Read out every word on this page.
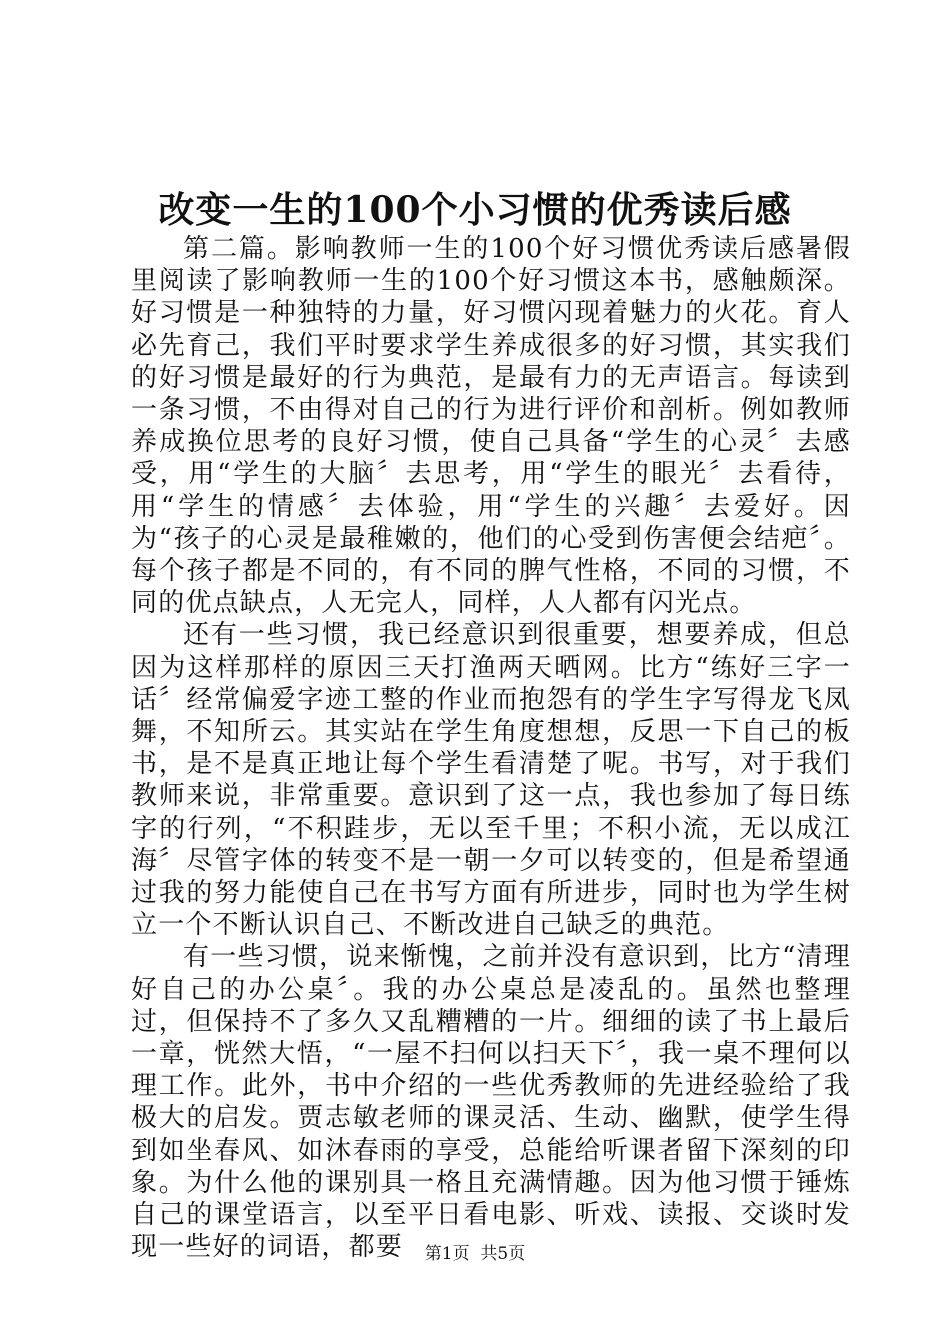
改变一生的100个小习惯的优秀读后感

第二篇。影响教师一生的100个好习惯优秀读后感暑假里阅读了影响教师一生的100个好习惯这本书，感触颇深。好习惯是一种独特的力量，好习惯闪现着魅力的火花。育人必先育己，我们平时要求学生养成很多的好习惯，其实我们的好习惯是最好的行为典范，是最有力的无声语言。每读到一条习惯，不由得对自己的行为进行评价和剖析。例如教师养成换位思考的良好习惯，使自己具备“学生的心灵〞去感受，用“学生的大脑〞去思考，用“学生的眼光〞去看待，用“学生的情感〞去体验，用“学生的兴趣〞去爱好。因为“孩子的心灵是最稚嫩的，他们的心受到伤害便会结疤〞。每个孩子都是不同的，有不同的脾气性格，不同的习惯，不同的优点缺点，人无完人，同样，人人都有闪光点。

还有一些习惯，我已经意识到很重要，想要养成，但总因为这样那样的原因三天打渔两天晒网。比方“练好三字一话〞经常偏爱字迹工整的作业而抱怨有的学生字写得龙飞凤舞，不知所云。其实站在学生角度想想，反思一下自己的板书，是不是真正地让每个学生看清楚了呢。书写，对于我们教师来说，非常重要。意识到了这一点，我也参加了每日练字的行列，“不积跬步，无以至千里；不积小流，无以成江海〞尽管字体的转变不是一朝一夕可以转变的，但是希望通过我的努力能使自己在书写方面有所进步，同时也为学生树立一个不断认识自己、不断改进自己缺乏的典范。

有一些习惯，说来惭愧，之前并没有意识到，比方“清理好自己的办公桌〞。我的办公桌总是凌乱的。虽然也整理过，但保持不了多久又乱糟糟的一片。细细的读了书上最后一章，恍然大悟，“一屋不扫何以扫天下〞，我一桌不理何以理工作。此外，书中介绍的一些优秀教师的先进经验给了我极大的启发。贾志敏老师的课灵活、生动、幽默，使学生得到如坐春风、如沐春雨的享受，总能给听课者留下深刻的印象。为什么他的课别具一格且充满情趣。因为他习惯于锤炼自己的课堂语言，以至平日看电影、听戏、读报、交谈时发现一些好的词语，都要	第1页 共5页
